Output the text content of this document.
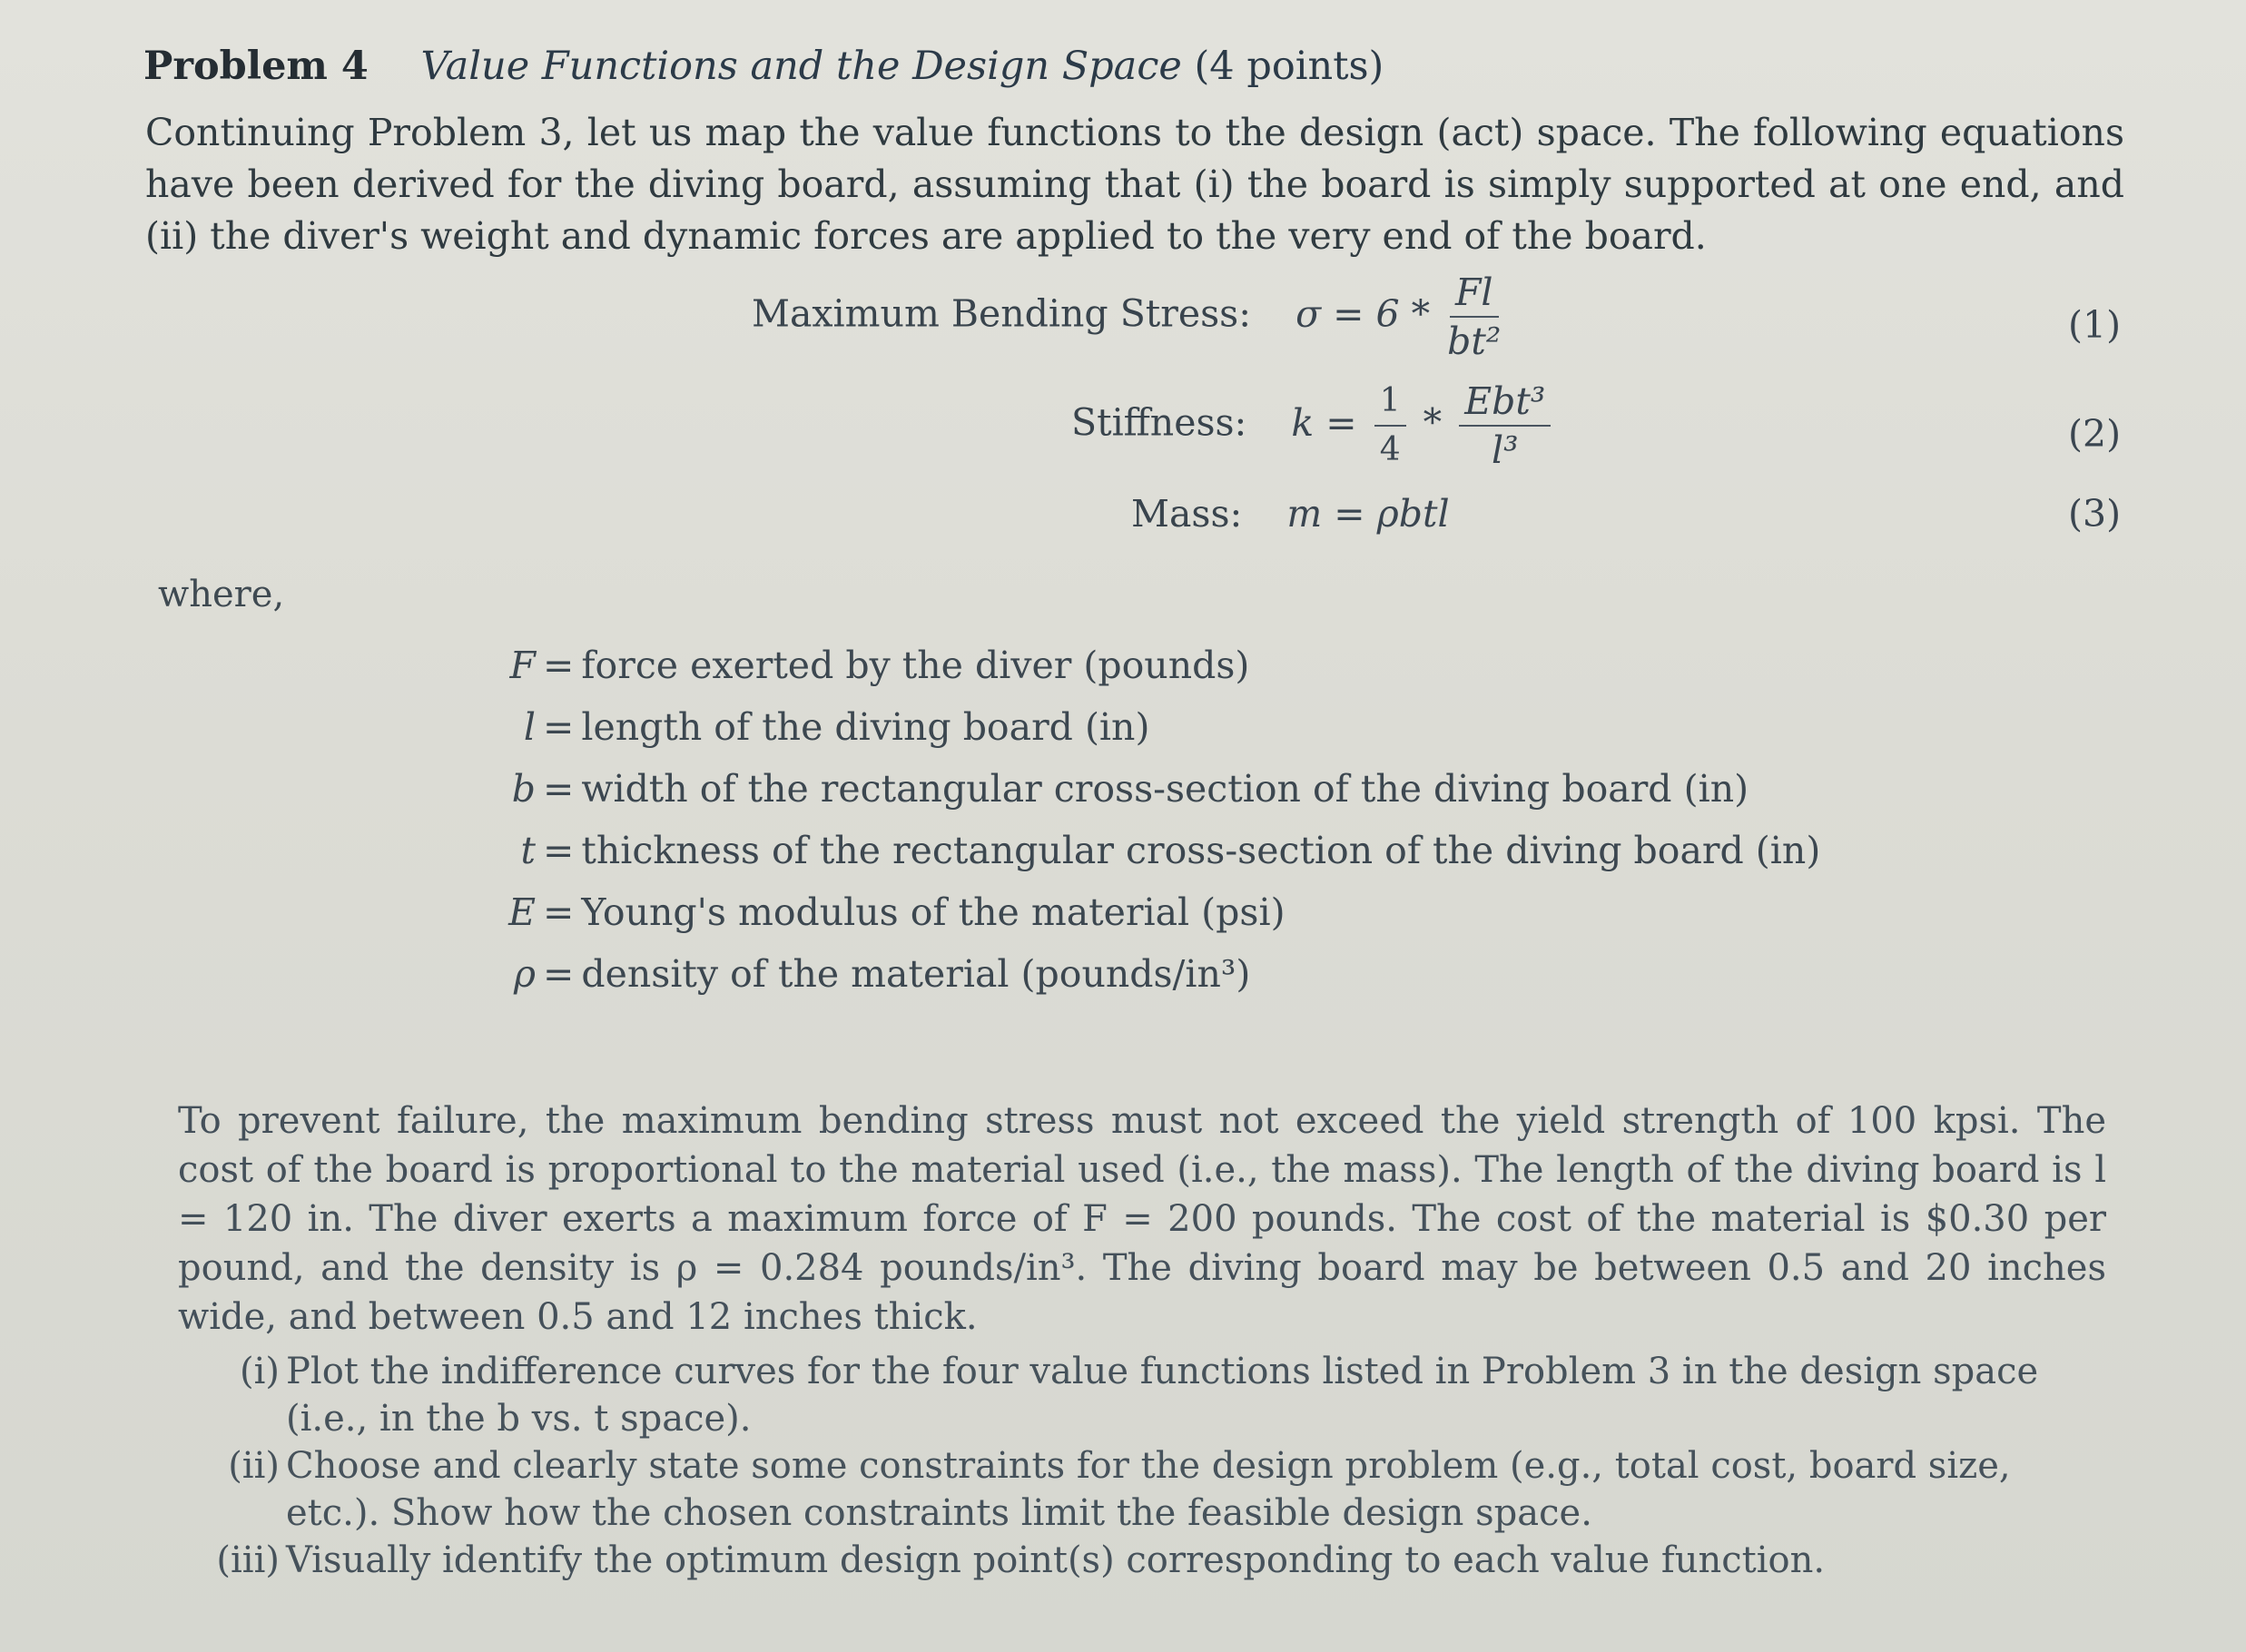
Problem 4 Value Functions and the Design Space (4 points)
Continuing Problem 3, let us map the value functions to the design (act) space. The following equations have been derived for the diving board, assuming that (i) the board is simply supported at one end, and (ii) the diver's weight and dynamic forces are applied to the very end of the board.
Maximum Bending Stress: $\sigma = 6 * \frac{Fl}{\text{bt²}}$	(1)
Stiffness: $k = \frac{1}{4} * \frac{\text{Ebt³}}{\text{l³}}$	(2)
Mass: m = ρbtl	(3)
where,
F = force exerted by the diver (pounds)
l = length of the diving board (in)
b = width of the rectangular cross-section of the diving board (in)
t = thickness of the rectangular cross-section of the diving board (in)
E = Young's modulus of the material (psi)
ρ = density of the material (pounds/in³)
To prevent failure, the maximum bending stress must not exceed the yield strength of 100 kpsi. The cost of the board is proportional to the material used (i.e., the mass). The length of the diving board is l = 120 in. The diver exerts a maximum force of F = 200 pounds. The cost of the material is $0.30 per pound, and the density is ρ = 0.284 pounds/in³. The diving board may be between 0.5 and 20 inches wide, and between 0.5 and 12 inches thick.
(i) Plot the indifference curves for the four value functions listed in Problem 3 in the design space (i.e., in the b vs. t space).
(ii) Choose and clearly state some constraints for the design problem (e.g., total cost, board size, etc.). Show how the chosen constraints limit the feasible design space.
(iii) Visually identify the optimum design point(s) corresponding to each value function.
